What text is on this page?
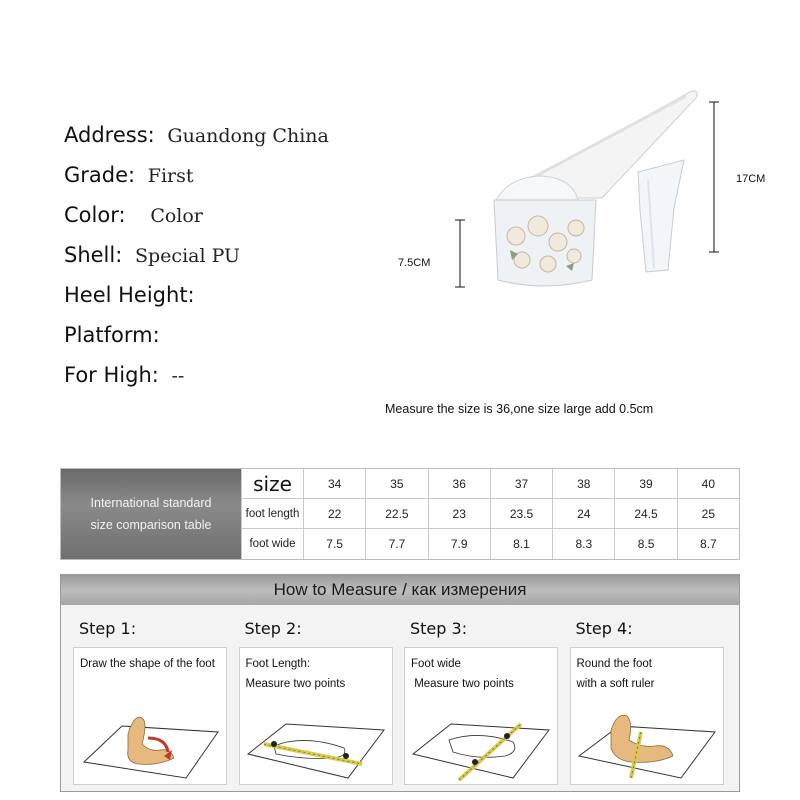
Address: Guandong China
Grade: First
Color:   Color
Shell: Special PU
Heel Height:
Platform:
For High: --
7.5CM
17CM
Measure the size is 36,one size large add 0.5cm
International standard
size comparison table
size	34	35	36	37	38	39	40
foot length	22	22.5	23	23.5	24	24.5	25
foot wide	7.5	7.7	7.9	8.1	8.3	8.5	8.7
How to Measure / как измерения
Step 1:
Draw the shape of the foot
Step 2:
Foot Length:
Measure two points
Step 3:
Foot wide
Measure two points
Step 4:
Round the foot
with a soft ruler
